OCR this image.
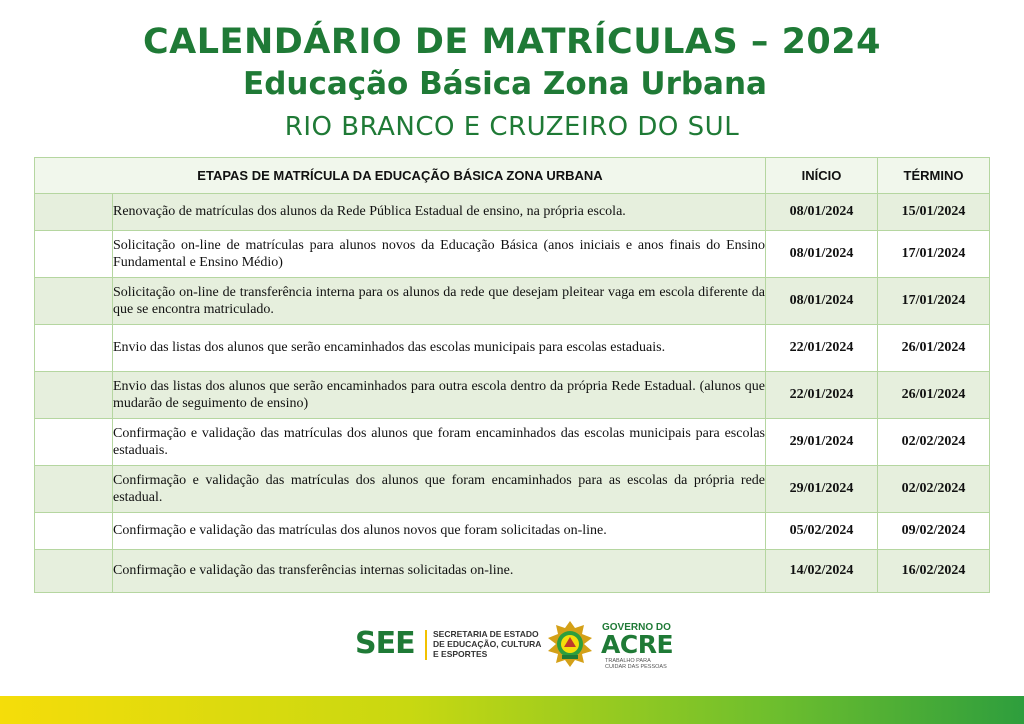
CALENDÁRIO DE MATRÍCULAS – 2024
Educação Básica Zona Urbana
RIO BRANCO E CRUZEIRO DO SUL
ETAPAS DE MATRÍCULA DA EDUCAÇÃO BÁSICA ZONA URBANA		INÍCIO	TÉRMINO
	Renovação de matrículas dos alunos da Rede Pública Estadual de ensino, na própria escola.	08/01/2024	15/01/2024
	Solicitação on-line de matrículas para alunos novos da Educação Básica (anos iniciais e anos finais do Ensino Fundamental e Ensino Médio)	08/01/2024	17/01/2024
	Solicitação on-line de transferência interna para os alunos da rede que desejam pleitear vaga em escola diferente da que se encontra matriculado.	08/01/2024	17/01/2024
	Envio das listas dos alunos que serão encaminhados das escolas municipais para escolas estaduais.	22/01/2024	26/01/2024
	Envio das listas dos alunos que serão encaminhados para outra escola dentro da própria Rede Estadual. (alunos que mudarão de seguimento de ensino)	22/01/2024	26/01/2024
	Confirmação e validação das matrículas dos alunos que foram encaminhados das escolas municipais para escolas estaduais.	29/01/2024	02/02/2024
	Confirmação e validação das matrículas dos alunos que foram encaminhados para as escolas da própria rede estadual.	29/01/2024	02/02/2024
	Confirmação e validação das matrículas dos alunos novos que foram solicitadas on-line.	05/02/2024	09/02/2024
	Confirmação e validação das transferências internas solicitadas on-line.	14/02/2024	16/02/2024
SEE SECRETARIA DE ESTADO
DE EDUCAÇÃO, CULTURA
E ESPORTES
GOVERNO DO
ACRE
TRABALHO PARA
CUIDAR DAS PESSOAS
